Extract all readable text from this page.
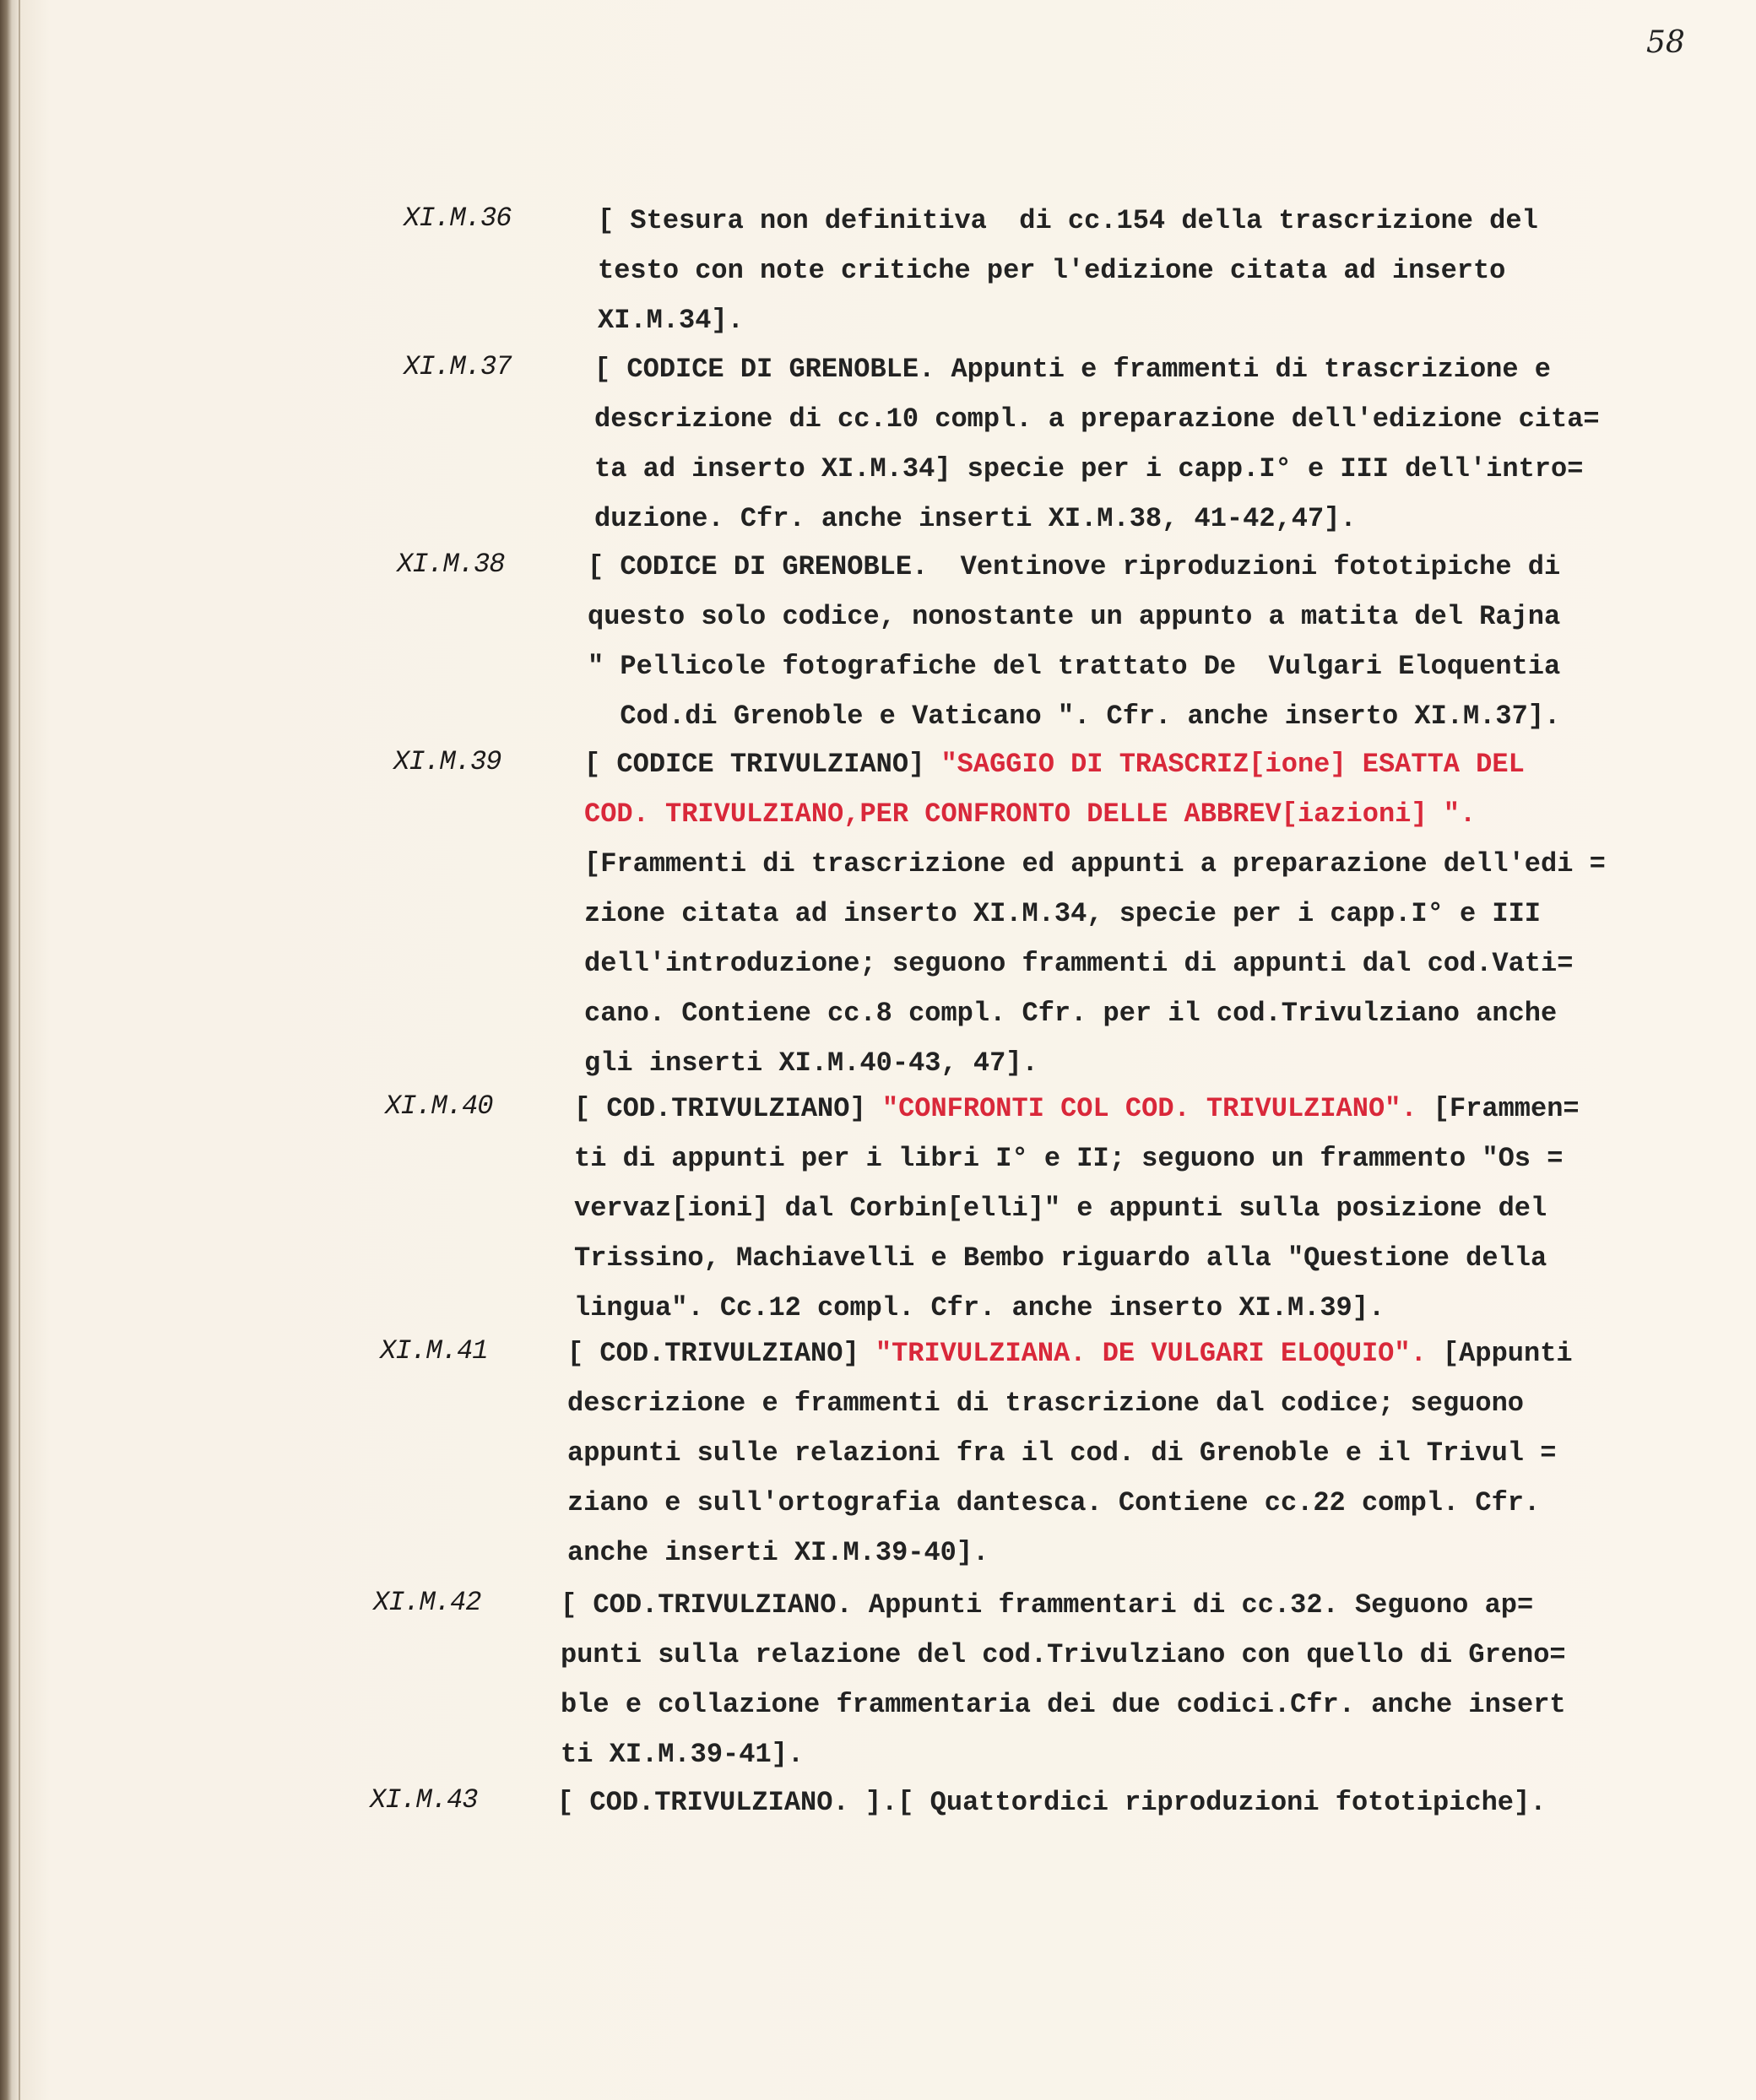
58
XI.M.36	[ Stesura non definitiva  di cc.154 della trascrizione del
testo con note critiche per l'edizione citata ad inserto
XI.M.34].
XI.M.37	[ CODICE DI GRENOBLE. Appunti e frammenti di trascrizione e
descrizione di cc.10 compl. a preparazione dell'edizione cita=
ta ad inserto XI.M.34] specie per i capp.I° e III dell'intro=
duzione. Cfr. anche inserti XI.M.38, 41-42,47].
XI.M.38	[ CODICE DI GRENOBLE.  Ventinove riproduzioni fototipiche di
questo solo codice, nonostante un appunto a matita del Rajna
" Pellicole fotografiche del trattato De  Vulgari Eloquentia
Cod.di Grenoble e Vaticano ". Cfr. anche inserto XI.M.37].
XI.M.39	[ CODICE TRIVULZIANO] "SAGGIO DI TRASCRIZ[ione] ESATTA DEL
COD. TRIVULZIANO,PER CONFRONTO DELLE ABBREV[iazioni] ".
[Frammenti di trascrizione ed appunti a preparazione dell'edi =
zione citata ad inserto XI.M.34, specie per i capp.I° e III
dell'introduzione; seguono frammenti di appunti dal cod.Vati=
cano. Contiene cc.8 compl. Cfr. per il cod.Trivulziano anche
gli inserti XI.M.40-43, 47].
XI.M.40	[ COD.TRIVULZIANO] "CONFRONTI COL COD. TRIVULZIANO". [Frammen=
ti di appunti per i libri I° e II; seguono un frammento "Os =
vervaz[ioni] dal Corbin[elli]" e appunti sulla posizione del
Trissino, Machiavelli e Bembo riguardo alla "Questione della
lingua". Cc.12 compl. Cfr. anche inserto XI.M.39].
XI.M.41	[ COD.TRIVULZIANO] "TRIVULZIANA. DE VULGARI ELOQUIO". [Appunti
descrizione e frammenti di trascrizione dal codice; seguono
appunti sulle relazioni fra il cod. di Grenoble e il Trivul =
ziano e sull'ortografia dantesca. Contiene cc.22 compl. Cfr.
anche inserti XI.M.39-40].
XI.M.42	[ COD.TRIVULZIANO. Appunti frammentari di cc.32. Seguono ap=
punti sulla relazione del cod.Trivulziano con quello di Greno=
ble e collazione frammentaria dei due codici.Cfr. anche insert
ti XI.M.39-41].
XI.M.43	[ COD.TRIVULZIANO. ].[ Quattordici riproduzioni fototipiche].
